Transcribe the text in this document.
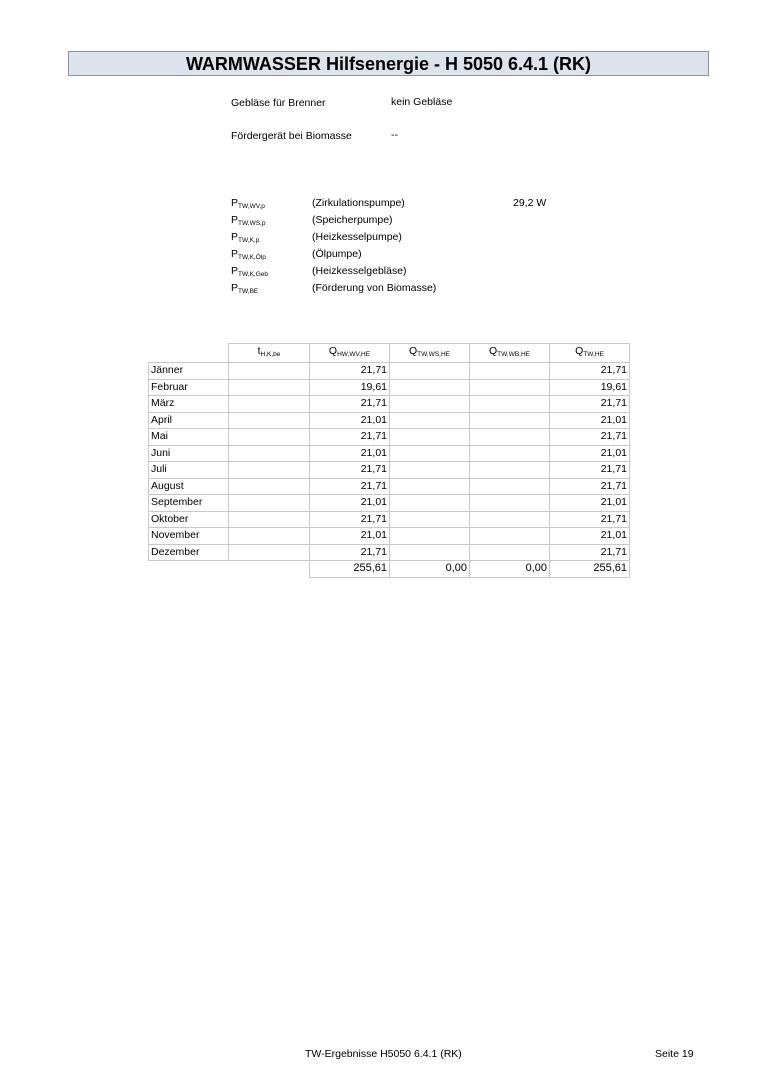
WARMWASSER Hilfsenergie - H 5050 6.4.1 (RK)
Gebläse für Brenner	kein Gebläse
Fördergerät bei Biomasse	--
$P_{TW,WV,p}$	(Zirkulationspumpe)	29,2 W
$P_{TW,WS,p}$	(Speicherpumpe)
$P_{TW,K,p}$	(Heizkesselpumpe)
$P_{TW,K,Ölp}$	(Ölpumpe)
$P_{TW,K,Geb}$	(Heizkesselgebläse)
$P_{TW,BE}$	(Förderung von Biomasse)
	$t_{H,K,be}$	$Q_{HW,WV,HE}$	$Q_{TW,WS,HE}$	$Q_{TW,WB,HE}$	$Q_{TW,HE}$
Jänner		21,71			21,71
Februar		19,61			19,61
März		21,71			21,71
April		21,01			21,01
Mai		21,71			21,71
Juni		21,01			21,01
Juli		21,71			21,71
August		21,71			21,71
September		21,01			21,01
Oktober		21,71			21,71
November		21,01			21,01
Dezember		21,71			21,71
		255,61	0,00	0,00	255,61
TW-Ergebnisse H5050 6.4.1 (RK)	Seite 19
